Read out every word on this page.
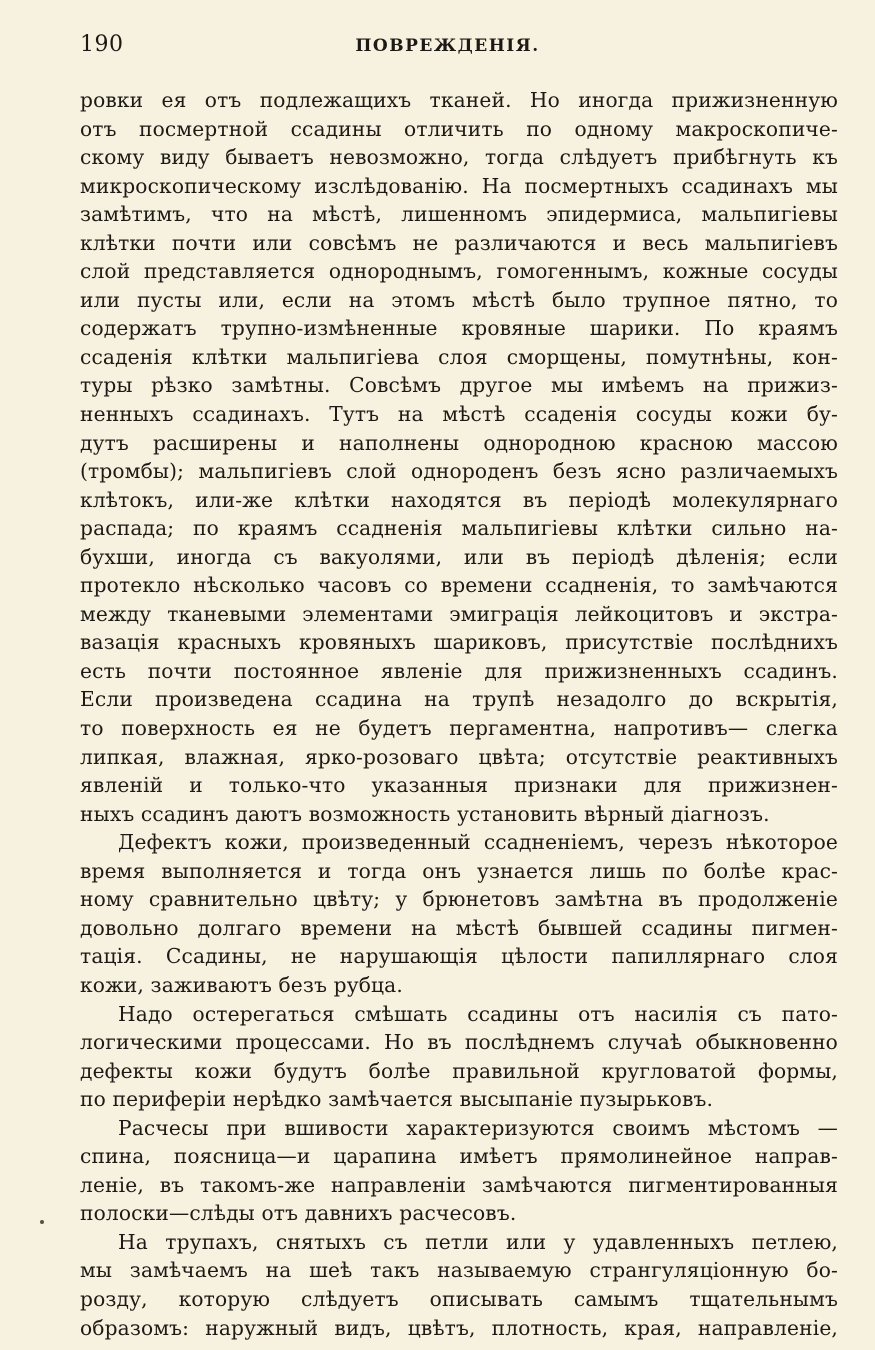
190	ПОВРЕЖДЕНІЯ.
ровки ея отъ подлежащихъ тканей. Но иногда прижизненную
отъ посмертной ссадины отличить по одному макроскопиче-
скому виду бываетъ невозможно, тогда слѣдуетъ прибѣгнуть къ
микроскопическому изслѣдованію. На посмертныхъ ссадинахъ мы
замѣтимъ, что на мѣстѣ, лишенномъ эпидермиса, мальпигіевы
клѣтки почти или совсѣмъ не различаются и весь мальпигіевъ
слой представляется однороднымъ, гомогеннымъ, кожные сосуды
или пусты или, если на этомъ мѣстѣ было трупное пятно, то
содержатъ трупно-измѣненные кровяные шарики. По краямъ
ссаденія клѣтки мальпигіева слоя сморщены, помутнѣны, кон-
туры рѣзко замѣтны. Совсѣмъ другое мы имѣемъ на прижиз-
ненныхъ ссадинахъ. Тутъ на мѣстѣ ссаденія сосуды кожи бу-
дутъ расширены и наполнены однородною красною массою
(тромбы); мальпигіевъ слой однороденъ безъ ясно различаемыхъ
клѣтокъ, или-же клѣтки находятся въ періодѣ молекулярнаго
распада; по краямъ ссадненія мальпигіевы клѣтки сильно на-
бухши, иногда съ вакуолями, или въ періодѣ дѣленія; если
протекло нѣсколько часовъ со времени ссадненія, то замѣчаются
между тканевыми элементами эмиграція лейкоцитовъ и экстра-
вазація красныхъ кровяныхъ шариковъ, присутствіе послѣднихъ
есть почти постоянное явленіе для прижизненныхъ ссадинъ.
Если произведена ссадина на трупѣ незадолго до вскрытія,
то поверхность ея не будетъ пергаментна, напротивъ— слегка
липкая, влажная, ярко-розоваго цвѣта; отсутствіе реактивныхъ
явленій и только-что указанныя признаки для прижизнен-
ныхъ ссадинъ даютъ возможность установить вѣрный діагнозъ.
Дефектъ кожи, произведенный ссадненіемъ, черезъ нѣкоторое
время выполняется и тогда онъ узнается лишь по болѣе крас-
ному сравнительно цвѣту; у брюнетовъ замѣтна въ продолженіе
довольно долгаго времени на мѣстѣ бывшей ссадины пигмен-
тація. Ссадины, не нарушающія цѣлости папиллярнаго слоя
кожи, заживаютъ безъ рубца.
Надо остерегаться смѣшать ссадины отъ насилія съ пато-
логическими процессами. Но въ послѣднемъ случаѣ обыкновенно
дефекты кожи будутъ болѣе правильной кругловатой формы,
по периферіи нерѣдко замѣчается высыпаніе пузырьковъ.
Расчесы при вшивости характеризуются своимъ мѣстомъ —
спина, поясница—и царапина имѣетъ прямолинейное направ-
леніе, въ такомъ-же направленіи замѣчаются пигментированныя
полоски—слѣды отъ давнихъ расчесовъ.
На трупахъ, снятыхъ съ петли или у удавленныхъ петлею,
мы замѣчаемъ на шеѣ такъ называемую странгуляціонную бо-
розду, которую слѣдуетъ описывать самымъ тщательнымъ
образомъ: наружный видъ, цвѣтъ, плотность, края, направленіе,
